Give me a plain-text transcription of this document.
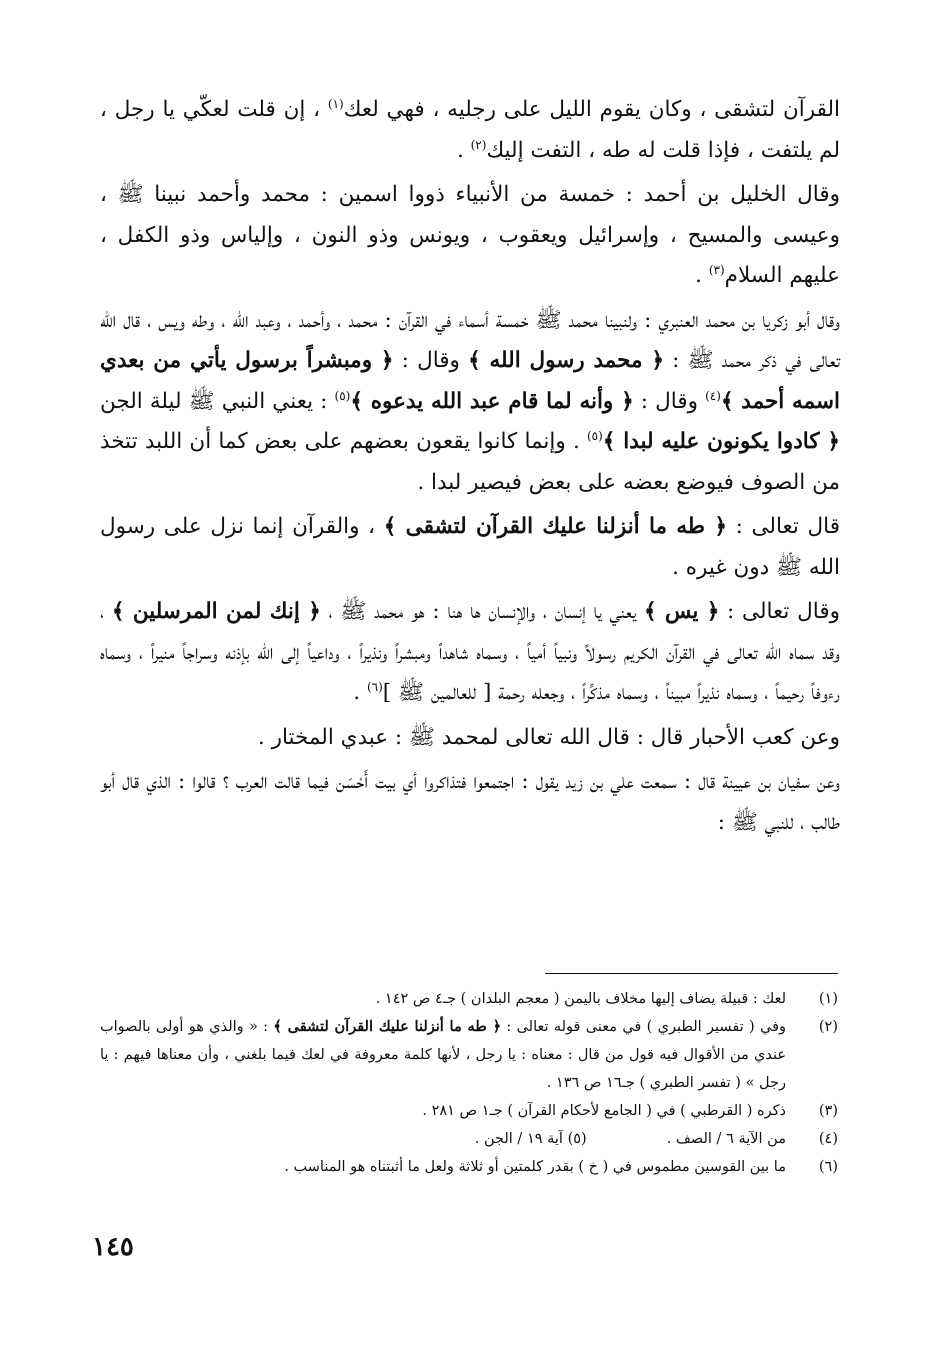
القرآن لتشقى ، وكان يقوم الليل على رجليه ، فهي لعك$^{(١)}$ ، إن قلت لعكّي يا رجل ، لم يلتفت ، فإذا قلت له طه ، التفت إليك$^{(٢)}$ .

وقال الخليل بن أحمد : خمسة من الأنبياء ذووا اسمين : محمد وأحمد نبينا ﷺ ، وعيسى والمسيح ، وإسرائيل ويعقوب ، ويونس وذو النون ، وإلياس وذو الكفل ، عليهم السلام$^{(٣)}$ .

وقال أبو زكريا بن محمد العنبري : ولنبينا محمد ﷺ خمسة أسماء في القرآن : محمد ، وأحمد ، وعبد الله ، وطه ويس ، قال الله تعالى في ذكر محمد ﷺ : ﴿ محمد رسول الله ﴾ وقال : ﴿ ومبشراً برسول يأتي من بعدي اسمه أحمد ﴾$^{(٤)}$ وقال : ﴿ وأنه لما قام عبد الله يدعوه ﴾$^{(٥)}$ : يعني النبي ﷺ ليلة الجن ﴿ كادوا يكونون عليه لبدا ﴾$^{(٥)}$ . وإنما كانوا يقعون بعضهم على بعض كما أن اللبد تتخذ من الصوف فيوضع بعضه على بعض فيصير لبدا .

قال تعالى : ﴿ طه ما أنزلنا عليك القرآن لتشقى ﴾ ، والقرآن إنما نزل على رسول الله ﷺ دون غيره .

وقال تعالى : ﴿ يس ﴾ يعني يا إنسان ، والإنسان ها هنا : هو محمد ﷺ ، ﴿ إنك لمن المرسلين ﴾ ، وقد سماه الله تعالى في القرآن الكريم رسولاً ونبياً أمياً ، وسماه شاهداً ومبشراً ونذيراً ، وداعياً إلى الله بإذنه وسراجاً منيراً ، وسماه رءوفاً رحيماً ، وسماه نذيراً مبيناً ، وسماه مذكِّراً ، وجعله رحمة [ للعالمين ﷺ ]$^{(٦)}$ .

وعن كعب الأحبار قال : قال الله تعالى لمحمد ﷺ : عبدي المختار .

وعن سفيان بن عيينة قال : سمعت علي بن زيد يقول : اجتمعوا فتذاكروا أي بيت أَحْسَن فيما قالت العرب ؟ قالوا : الذي قال أبو طالب ، للنبي ﷺ :

(١)
لعك : قبيلة يضاف إليها مخلاف باليمن ( معجم البلدان ) جـ٤ ص ١٤٢ .
(٢)
وفي ( تفسير الطبري ) في معنى قوله تعالى : ﴿ طه ما أنزلنا عليك القرآن لتشقى ﴾ : « والذي هو أولى بالصواب عندي من الأقوال فيه قول من قال : معناه : يا رجل ، لأنها كلمة معروفة في لعك فيما بلغني ، وأن معناها فيهم : يا رجل » ( تفسر الطبري ) جـ١٦ ص ١٣٦ .
(٣)
ذكره ( القرطبي ) في ( الجامع لأحكام القرآن ) جـ١ ص ٢٨١ .
(٤)
من الآية ٦ / الصف .(٥) آية ١٩ / الجن .
(٦)
ما بين القوسين مطموس في ( خ ) بقدر كلمتين أو ثلاثة ولعل ما أثبتناه هو المناسب .
١٤٥
